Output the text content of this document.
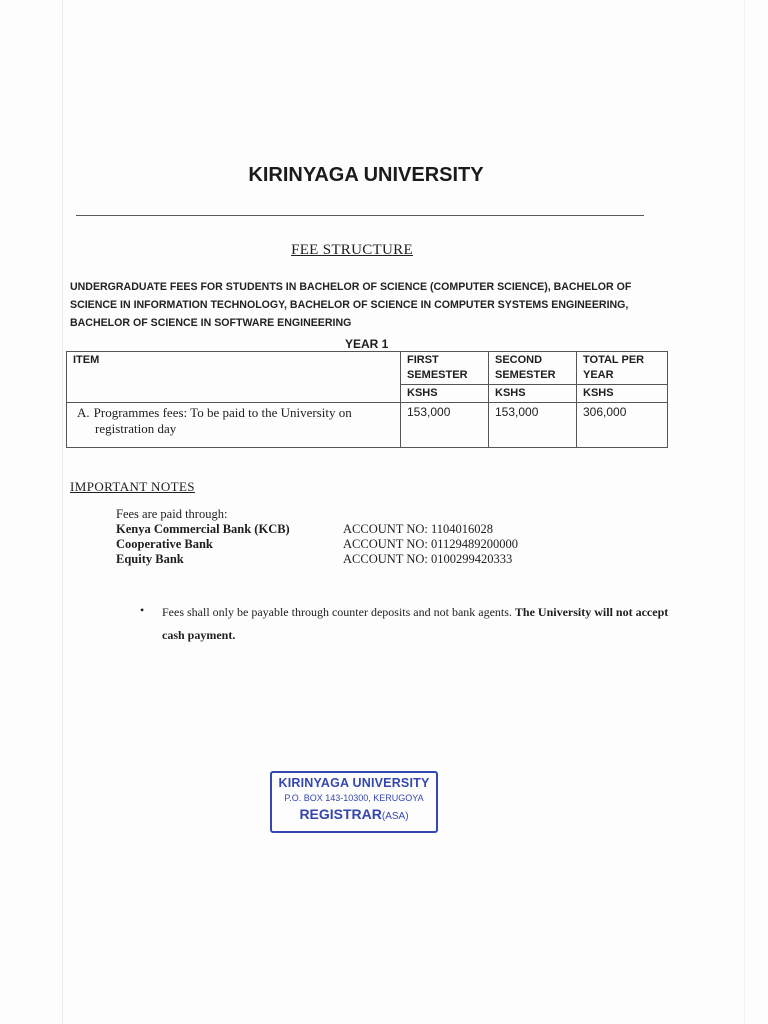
KIRINYAGA UNIVERSITY
FEE STRUCTURE
UNDERGRADUATE FEES FOR STUDENTS IN BACHELOR OF SCIENCE (COMPUTER SCIENCE), BACHELOR OF SCIENCE IN INFORMATION TECHNOLOGY, BACHELOR OF SCIENCE IN COMPUTER SYSTEMS ENGINEERING, BACHELOR OF SCIENCE IN SOFTWARE ENGINEERING
YEAR 1
ITEM	FIRST SEMESTER	SECOND SEMESTER	TOTAL PER YEAR
	KSHS	KSHS	KSHS
A. Programmes fees: To be paid to the University on registration day	153,000	153,000	306,000
IMPORTANT NOTES
Fees are paid through:
Kenya Commercial Bank (KCB)	ACCOUNT NO: 1104016028
Cooperative Bank	ACCOUNT NO: 01129489200000
Equity Bank	ACCOUNT NO: 0100299420333
• Fees shall only be payable through counter deposits and not bank agents. The University will not accept cash payment.
KIRINYAGA UNIVERSITY
P.O. BOX 143-10300, KERUGOYA
REGISTRAR(ASA)
